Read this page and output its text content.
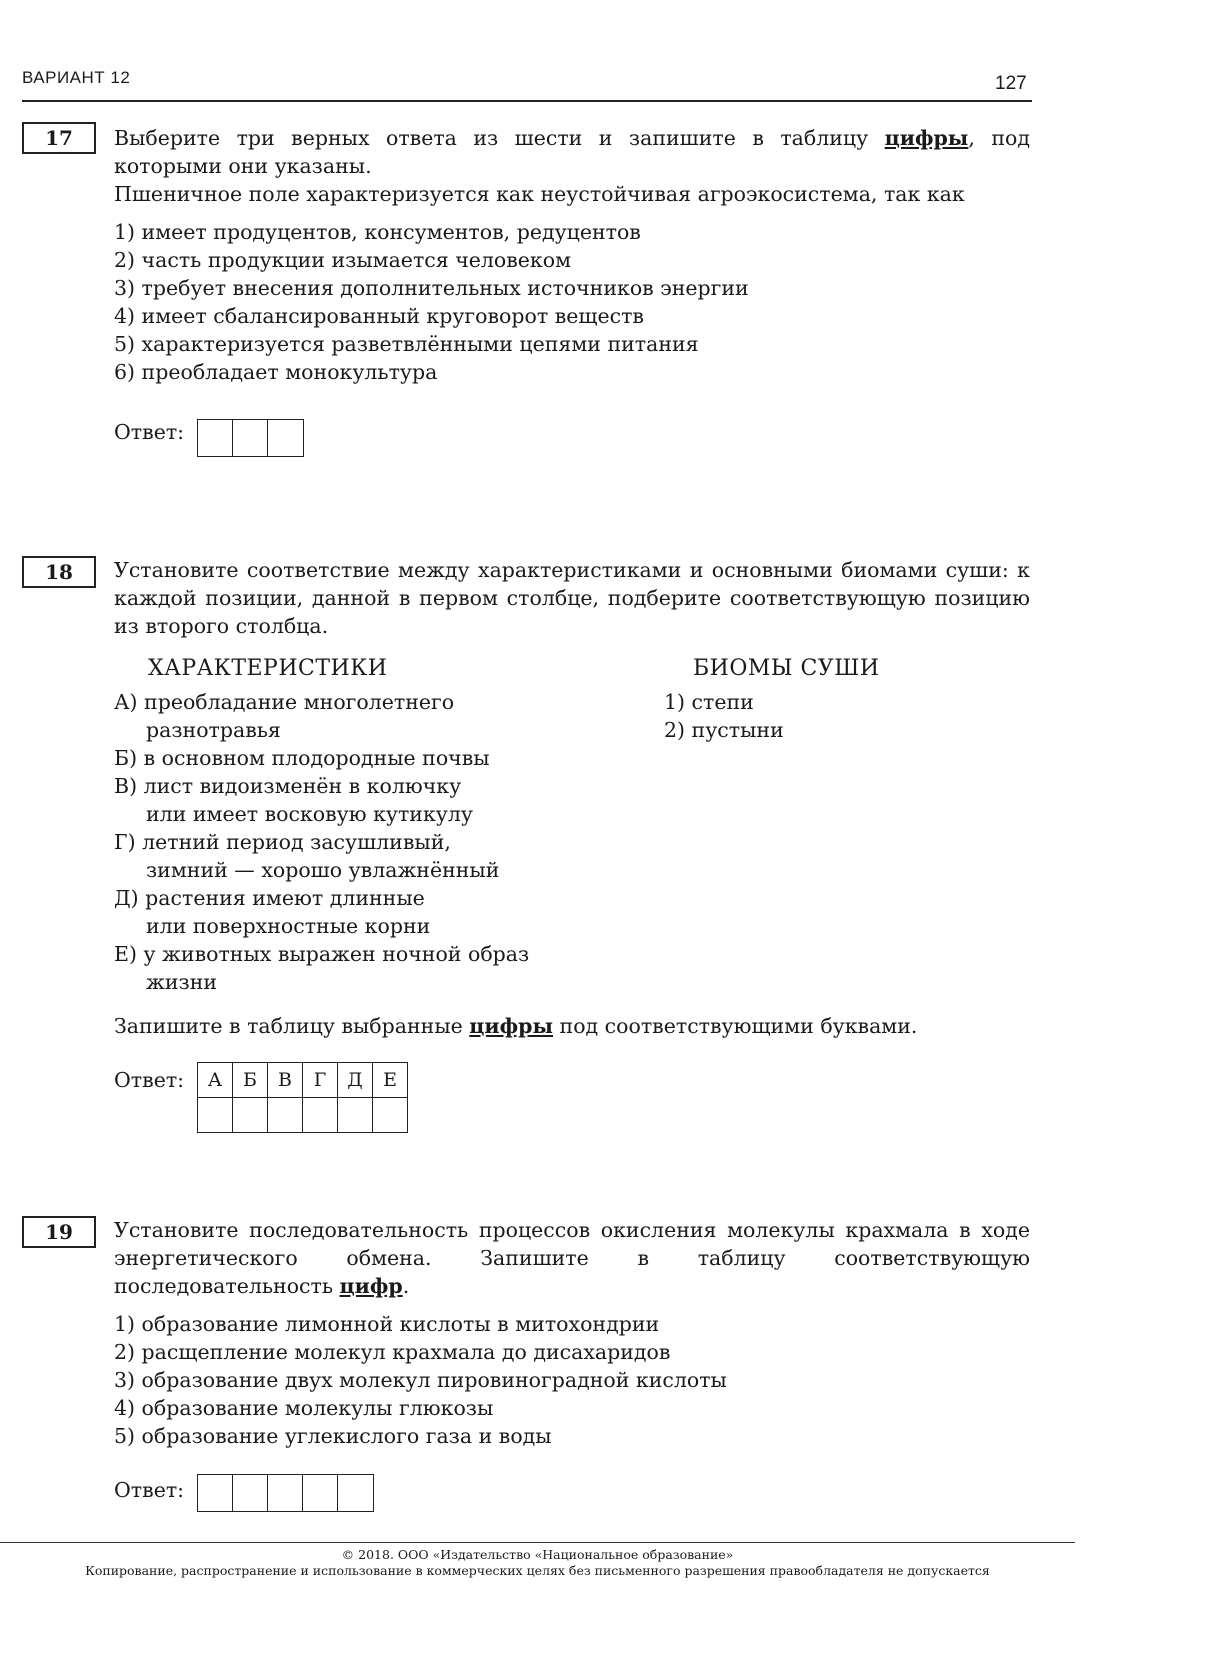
ВАРИАНТ 12	127
17	Выберите три верных ответа из шести и запишите в таблицу цифры, под которыми они указаны.
Пшеничное поле характеризуется как неустойчивая агроэкосистема, так как
1) имеет продуцентов, консументов, редуцентов
2) часть продукции изымается человеком
3) требует внесения дополнительных источников энергии
4) имеет сбалансированный круговорот веществ
5) характеризуется разветвлёнными цепями питания
6) преобладает монокультура
Ответ:
18	Установите соответствие между характеристиками и основными биомами суши: к каждой позиции, данной в первом столбце, подберите соответствующую позицию из второго столбца.
ХАРАКТЕРИСТИКИ	БИОМЫ СУШИ
А) преобладание многолетнего
разнотравья
Б) в основном плодородные почвы
В) лист видоизменён в колючку
или имеет восковую кутикулу
Г) летний период засушливый,
зимний — хорошо увлажнённый
Д) растения имеют длинные
или поверхностные корни
Е) у животных выражен ночной образ
жизни
1) степи
2) пустыни
Запишите в таблицу выбранные цифры под соответствующими буквами.
Ответ: А	Б	В	Г	Д	Е

19	Установите последовательность процессов окисления молекулы крахмала в ходе энергетического обмена. Запишите в таблицу соответствующую последовательность цифр.
1) образование лимонной кислоты в митохондрии
2) расщепление молекул крахмала до дисахаридов
3) образование двух молекул пировиноградной кислоты
4) образование молекулы глюкозы
5) образование углекислого газа и воды
Ответ:
© 2018. ООО «Издательство «Национальное образование»
Копирование, распространение и использование в коммерческих целях без письменного разрешения правообладателя не допускается
